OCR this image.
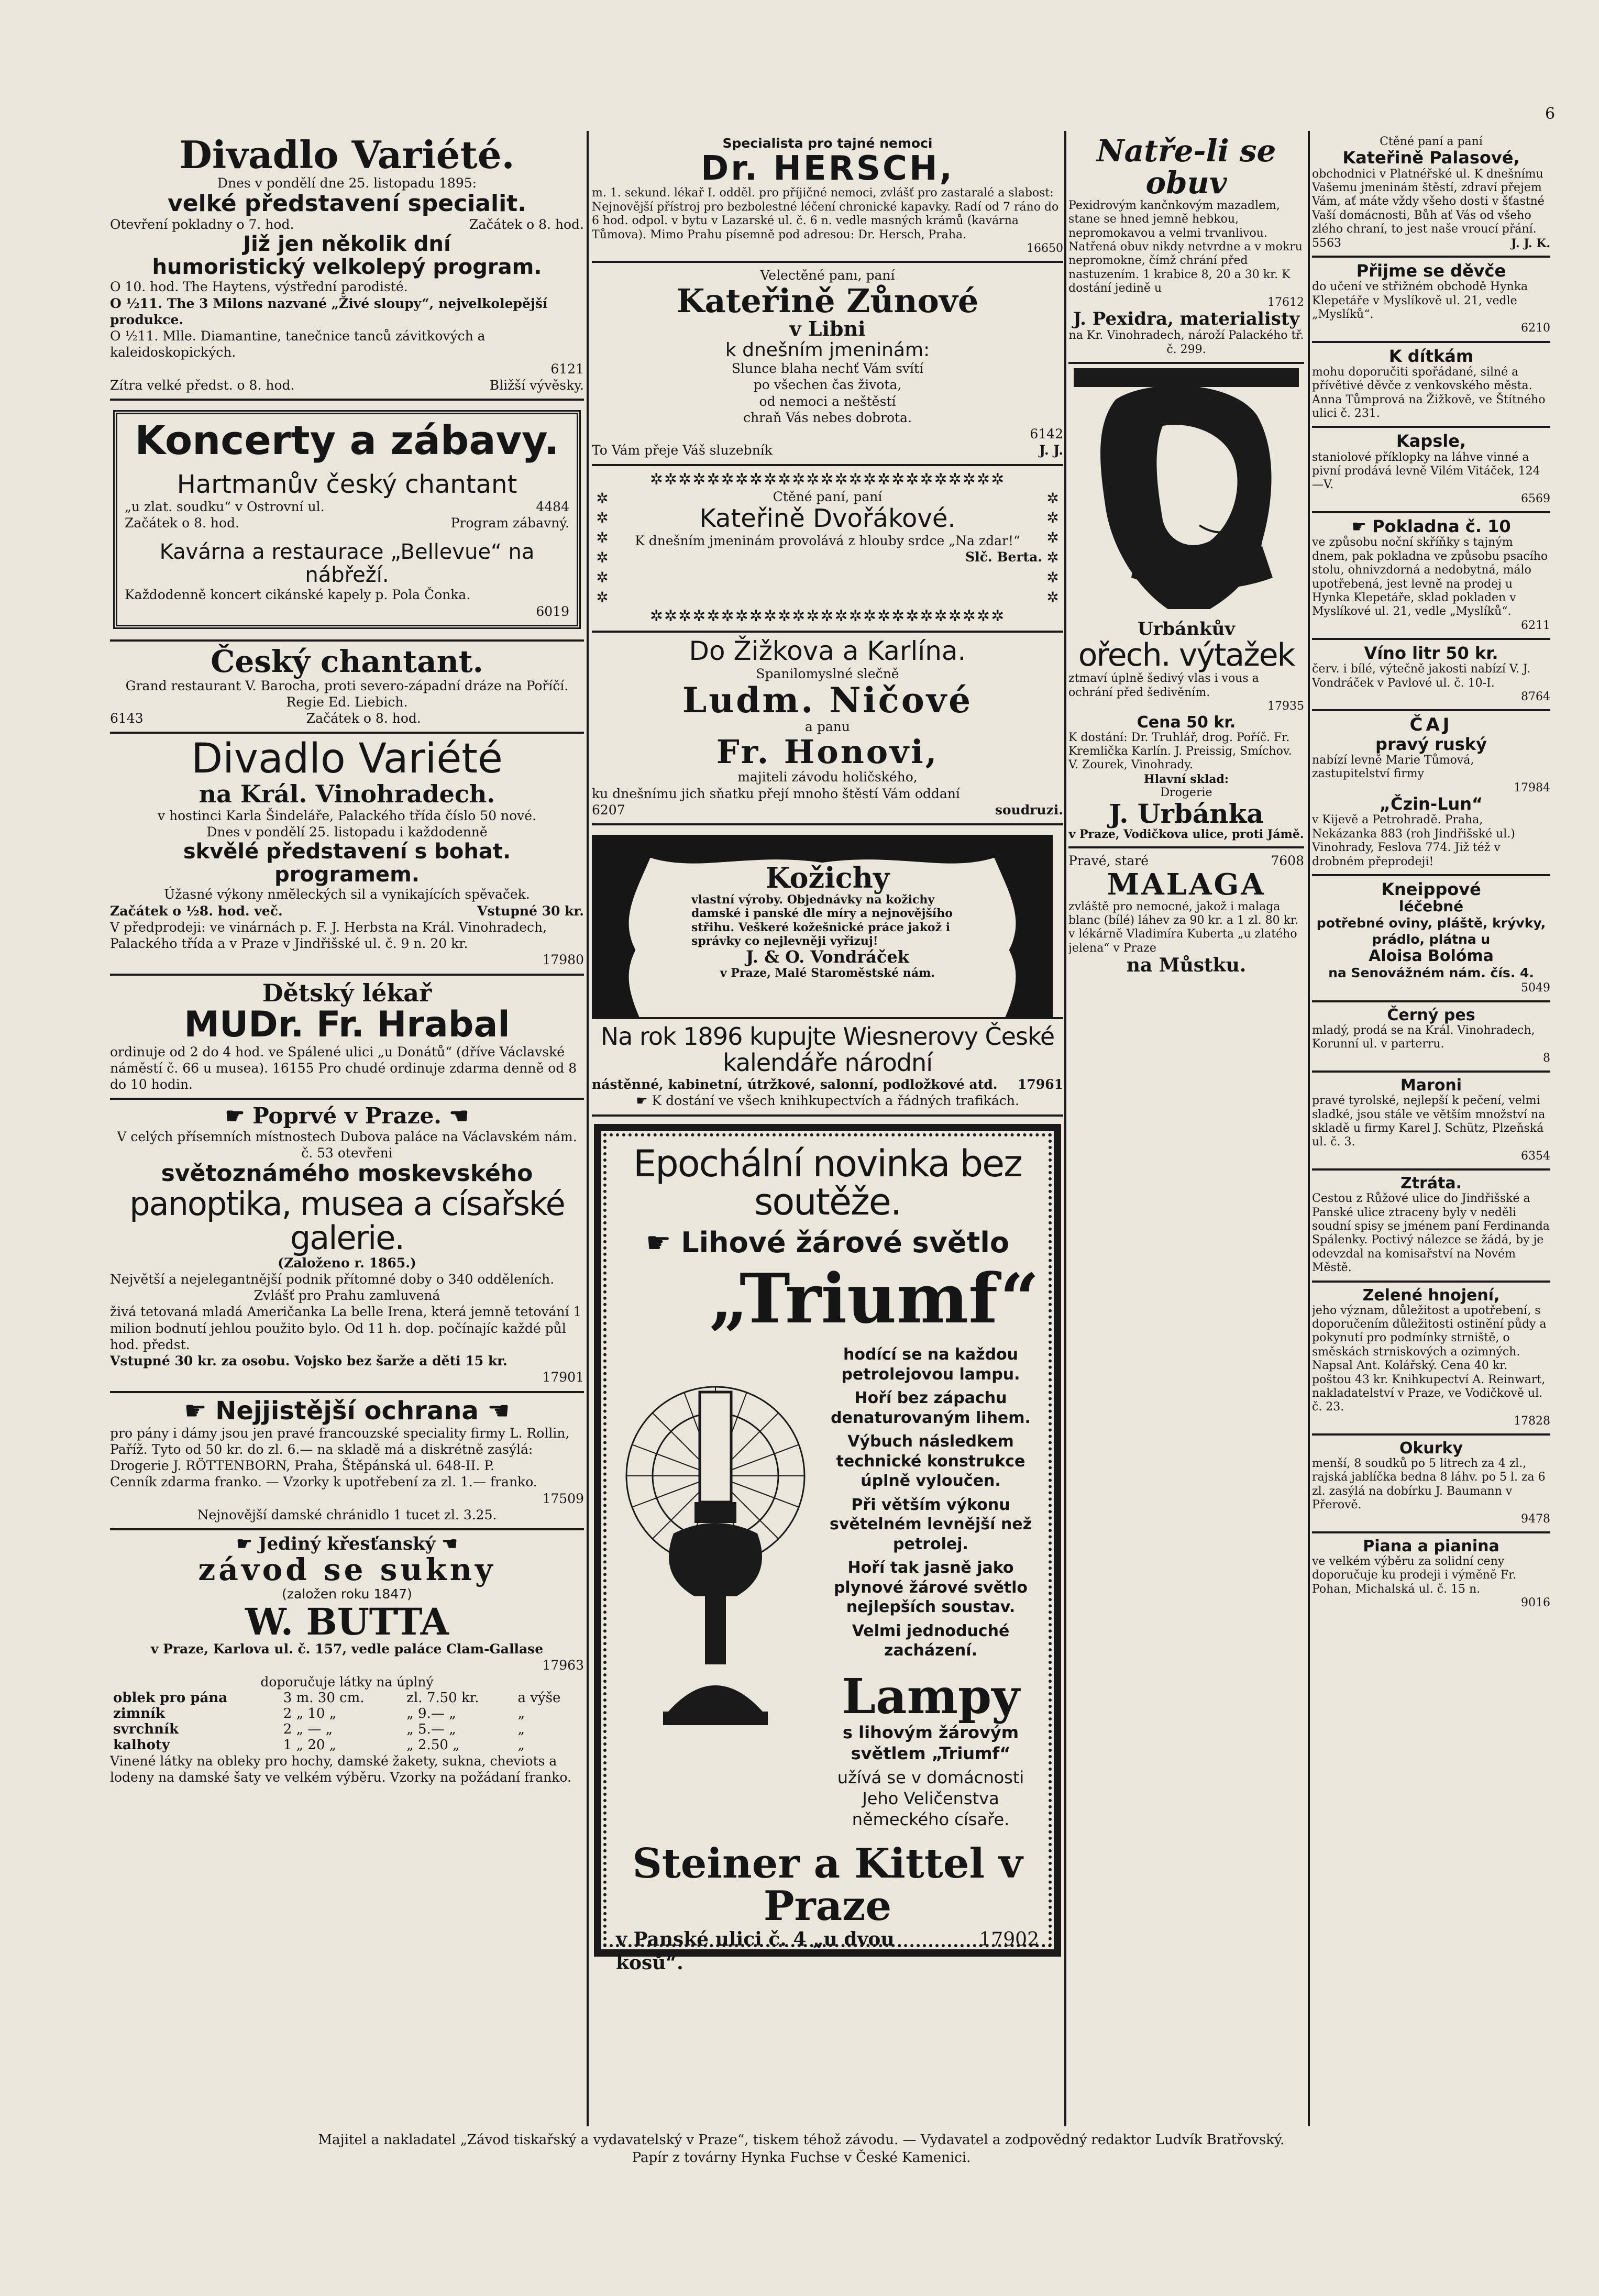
6
Divadlo Variété.
Dnes v pondělí dne 25. listopadu 1895:
velké představení specialit.
Otevření pokladny o 7. hod.	Začátek o 8. hod.
Již jen několik dní
humoristický velkolepý program.
O 10. hod. The Haytens, výstřední parodisté.
O ½11. The 3 Milons nazvané „Živé sloupy“, nejvelkolepější produkce.
O ½11. Mlle. Diamantine, tanečnice tanců závitkových a kaleidoskopických.
6121
Zítra velké předst. o 8. hod.	Bližší vývěsky.
Koncerty a zábavy.
Hartmanův český chantant
„u zlat. soudku“ v Ostrovní ul.	4484
Začátek o 8. hod.	Program zábavný.
Kavárna a restaurace „Bellevue“ na nábřeží.
Každodenně koncert cikánské kapely p. Pola Čonka.
6019
Český chantant.
Grand restaurant V. Barocha, proti severo-západní dráze na Poříčí. Regie Ed. Liebich.
6143	Začátek o 8. hod.
Divadlo Variété
na Král. Vinohradech.
v hostinci Karla Šindeláře, Palackého třída číslo 50 nové.
Dnes v pondělí 25. listopadu i každodenně
skvělé představení s bohat. programem.
Úžasné výkony nmĕleckých sil a vynikajících spěvaček.
Začátek o ½8. hod. več.	Vstupné 30 kr.
V předprodeji: ve vinárnách p. F. J. Herbsta na Král. Vinohradech, Palackého třída a v Praze v Jindřišské ul. č. 9 n. 20 kr.
17980
Dětský lékař
MUDr. Fr. Hrabal
ordinuje od 2 do 4 hod. ve Spálené ulici „u Donátů“ (dříve Václavské náměstí č. 66 u musea). 16155 Pro chudé ordinuje zdarma denně od 8 do 10 hodin.
☛ Poprvé v Praze. ☚
V celých přísemních místnostech Dubova paláce na Václavském nám. č. 53 otevřeni
světoznámého moskevského
panoptika, musea a císařské galerie.
(Založeno r. 1865.)
Největší a nejelegantnější podnik přítomné doby o 340 odděleních.
Zvlášť pro Prahu zamluvená
živá tetovaná mladá Američanka La belle Irena, která jemně tetování 1 milion bodnutí jehlou použito bylo. Od 11 h. dop. počínajíc každé půl hod. předst.
Vstupné 30 kr. za osobu. Vojsko bez šarže a děti 15 kr.
17901
☛ Nejjistější ochrana ☚
pro pány i dámy jsou jen pravé francouzské speciality firmy L. Rollin, Paříž. Tyto od 50 kr. do zl. 6.— na skladě má a diskrétně zasýlá: Drogerie J. RÖTTENBORN, Praha, Štěpánská ul. 648-II. P.
Cenník zdarma franko. — Vzorky k upotřebení za zl. 1.— franko.
17509
Nejnovější damské chránidlo 1 tucet zl. 3.25.
☛ Jediný křesťanský ☚
závod se sukny
(založen roku 1847)
W. BUTTA
v Praze, Karlova ul. č. 157, vedle paláce Clam-Gallase
17963
doporučuje látky na úplný
oblek pro pána	3 m. 30 cm.	zl. 7.50 kr.	a výše
zimník	2 „ 10 „	„ 9.— „	„
svrchník	2 „ — „	„ 5.— „	„
kalhoty	1 „ 20 „	„ 2.50 „	„
Vinené látky na obleky pro hochy, damské žakety, sukna, cheviots a lodeny na damské šaty ve velkém výběru. Vzorky na požádaní franko.
Specialista pro tajné nemoci
Dr. HERSCH,
m. 1. sekund. lékař I. odděl. pro příjičné nemoci, zvlášť pro zastaralé a slabost: Nejnovější přístroj pro bezbolestné léčení chronické kapavky. Radí od 7 ráno do 6 hod. odpol. v bytu v Lazarské ul. č. 6 n. vedle masných krámů (kavárna Tůmova). Mimo Prahu písemně pod adresou: Dr. Hersch, Praha.
16650
Velectěné panı, paní
Kateřině Zůnové
v Libni
k dnešním jmeninám:
Slunce blaha nechť Vám svítí
po všechen čas života,
od nemoci a neštěstí
chraň Vás nebes dobrota.
6142
To Vám přeje Váš sluzebník	J. J.
✲✲✲✲✲✲✲✲✲✲✲✲✲✲✲✲✲✲✲✲✲✲✲✲✲
✲
✲
✲
✲
✲
✲
Ctěné paní, paní
Kateřině Dvořákové.
K dnešním jmeninám provolává z hlouby srdce „Na zdar!“
Slč. Berta.
✲
✲
✲
✲
✲
✲
✲✲✲✲✲✲✲✲✲✲✲✲✲✲✲✲✲✲✲✲✲✲✲✲✲
Do Žižkova a Karlína.
Spanilomyslné slečně
Ludm. Ničové
a panu
Fr. Honovi,
majiteli závodu holičského,
ku dnešnímu jich sňatku přejí mnoho štěstí Vám oddaní
6207	soudruzi.
Kožichy
vlastní výroby. Objednávky na kožichy damské i panské dle míry a nejnovějšího střihu. Veškeré kožešnické práce jakož i správky co nejlevněji vyřizuj!
J. & O. Vondráček
v Praze, Malé Staroměstské nám.
Na rok 1896 kupujte Wiesnerovy České kalendáře národní
nástěnné, kabinetní, útržkové, salonní, podložkové atd. 17961
☛ K dostání ve všech knihkupectvích a řádných trafikách.
Epochální novinka bez soutěže.
☛ Lihové žárové světlo
„Triumf“
hodící se na každou petrolejovou lampu.
Hoří bez zápachu denaturovaným lihem.
Výbuch následkem technické konstrukce úplně vyloučen.
Při větším výkonu světelném levnější než petrolej.
Hoří tak jasně jako plynové žárové světlo nejlepších soustav.
Velmi jednoduché zacházení.
Lampy
s lihovým žárovým světlem „Triumf“
užívá se v domácnosti Jeho Veličenstva německého císaře.
Steiner a Kittel v Praze
v Panské ulici č. 4 „u dvou kosů“.
17902
Natře-li se obuv
Pexidrovým kančnkovým mazadlem, stane se hned jemně hebkou, nepromokavou a velmi trvanlivou. Natřená obuv nikdy netvrdne a v mokru nepromokne, čímž chrání před nastuzením. 1 krabice 8, 20 a 30 kr. K dostání jedině u
17612
J. Pexidra, materialisty
na Kr. Vinohradech, nároží Palackého tř. č. 299.
Urbánkův
ořech. výtažek
ztmaví úplně šedivý vlas i vous a ochrání před šedivěním.
17935
Cena 50 kr.
K dostání: Dr. Truhlář, drog. Poříč. Fr. Kremlička Karlín. J. Preissig, Smíchov. V. Zourek, Vinohrady.
Hlavní sklad:
Drogerie
J. Urbánka
v Praze, Vodičkova ulice, proti Jámě.
Pravé, staré	7608
MALAGA
zvláště pro nemocné, jakož i malaga blanc (bílé) láhev za 90 kr. a 1 zl. 80 kr. v lékárně Vladimíra Kuberta „u zlatého jelena“ v Praze
na Můstku.
Ctěné paní a paní
Kateřině Palasové,
obchodnici v Platnéřské ul. K dnešnímu Vašemu jmeninám štěstí, zdraví přejem Vám, ať máte vždy všeho dosti v šťastné Vaší domácnosti, Bůh ať Vás od všeho zlého chraní, to jest naše vroucí přání.
5563	J. J. K.
Přijme se děvče
do učení ve střižném obchodě Hynka Klepetáře v Myslíkově ul. 21, vedle „Myslíků“.
6210
K dítkám
mohu doporučiti spořádané, silné a přívětivé děvče z venkovského města. Anna Tůmprová na Žižkově, ve Štítného ulici č. 231.
Kapsle,
staniolové příklopky na láhve vinné a pivní prodává levně Vilém Vitáček, 124—V.
6569
☛ Pokladna č. 10
ve způsobu noční skříňky s tajným dnem, pak pokladna ve způsobu psacího stolu, ohnivzdorná a nedobytná, málo upotřebená, jest levně na prodej u Hynka Klepetáře, sklad pokladen v Myslíkové ul. 21, vedle „Myslíků“.
6211
Víno litr 50 kr.
červ. i bílé, výtečně jakosti nabízí V. J. Vondráček v Pavlové ul. č. 10-I.
8764
ČAJ
pravý ruský
nabízí levně Marie Tůmová, zastupitelství firmy
17984
„Čzin-Lun“
v Kijevě a Petrohradě. Praha, Nekázanka 883 (roh Jindřišské ul.) Vinohrady, Feslova 774. Již též v drobném přeprodeji!
Kneippové
léčebné
potřebné oviny, pláště, krývky, prádlo, plátna u
Aloisa Bolóma
na Senovážném nám. čís. 4.
5049
Černý pes
mladý, prodá se na Král. Vinohradech, Korunní ul. v parterru.
8
Maroni
pravé tyrolské, nejlepší k pečení, velmi sladké, jsou stále ve větším množství na skladě u firmy Karel J. Schütz, Plzeňská ul. č. 3.
6354
Ztráta.
Cestou z Růžové ulice do Jindřišské a Panské ulice ztraceny byly v neděli soudní spisy se jménem paní Ferdinanda Spálenky. Poctivý nálezce se žádá, by je odevzdal na komisařství na Novém Městě.
Zelené hnojení,
jeho význam, důležitost a upotřebení, s doporučením důležitosti ostinění půdy a pokynutí pro podmínky strniště, o směskách strniskových a ozimných. Napsal Ant. Kolářský. Cena 40 kr. poštou 43 kr. Knihkupectví A. Reinwart, nakladatelství v Praze, ve Vodičkově ul. č. 23.
17828
Okurky
menší, 8 soudků po 5 litrech za 4 zl., rajská jablíčka bedna 8 láhv. po 5 l. za 6 zl. zasýlá na dobírku J. Baumann v Přerově.
9478
Piana a pianina
ve velkém výběru za solidní ceny doporučuje ku prodeji i výměně Fr. Pohan, Michalská ul. č. 15 n.
9016
Majitel a nakladatel „Závod tiskařský a vydavatelský v Praze“, tiskem téhož závodu. — Vydavatel a zodpovědný redaktor Ludvík Bratřovský.
Papír z továrny Hynka Fuchse v České Kamenici.
